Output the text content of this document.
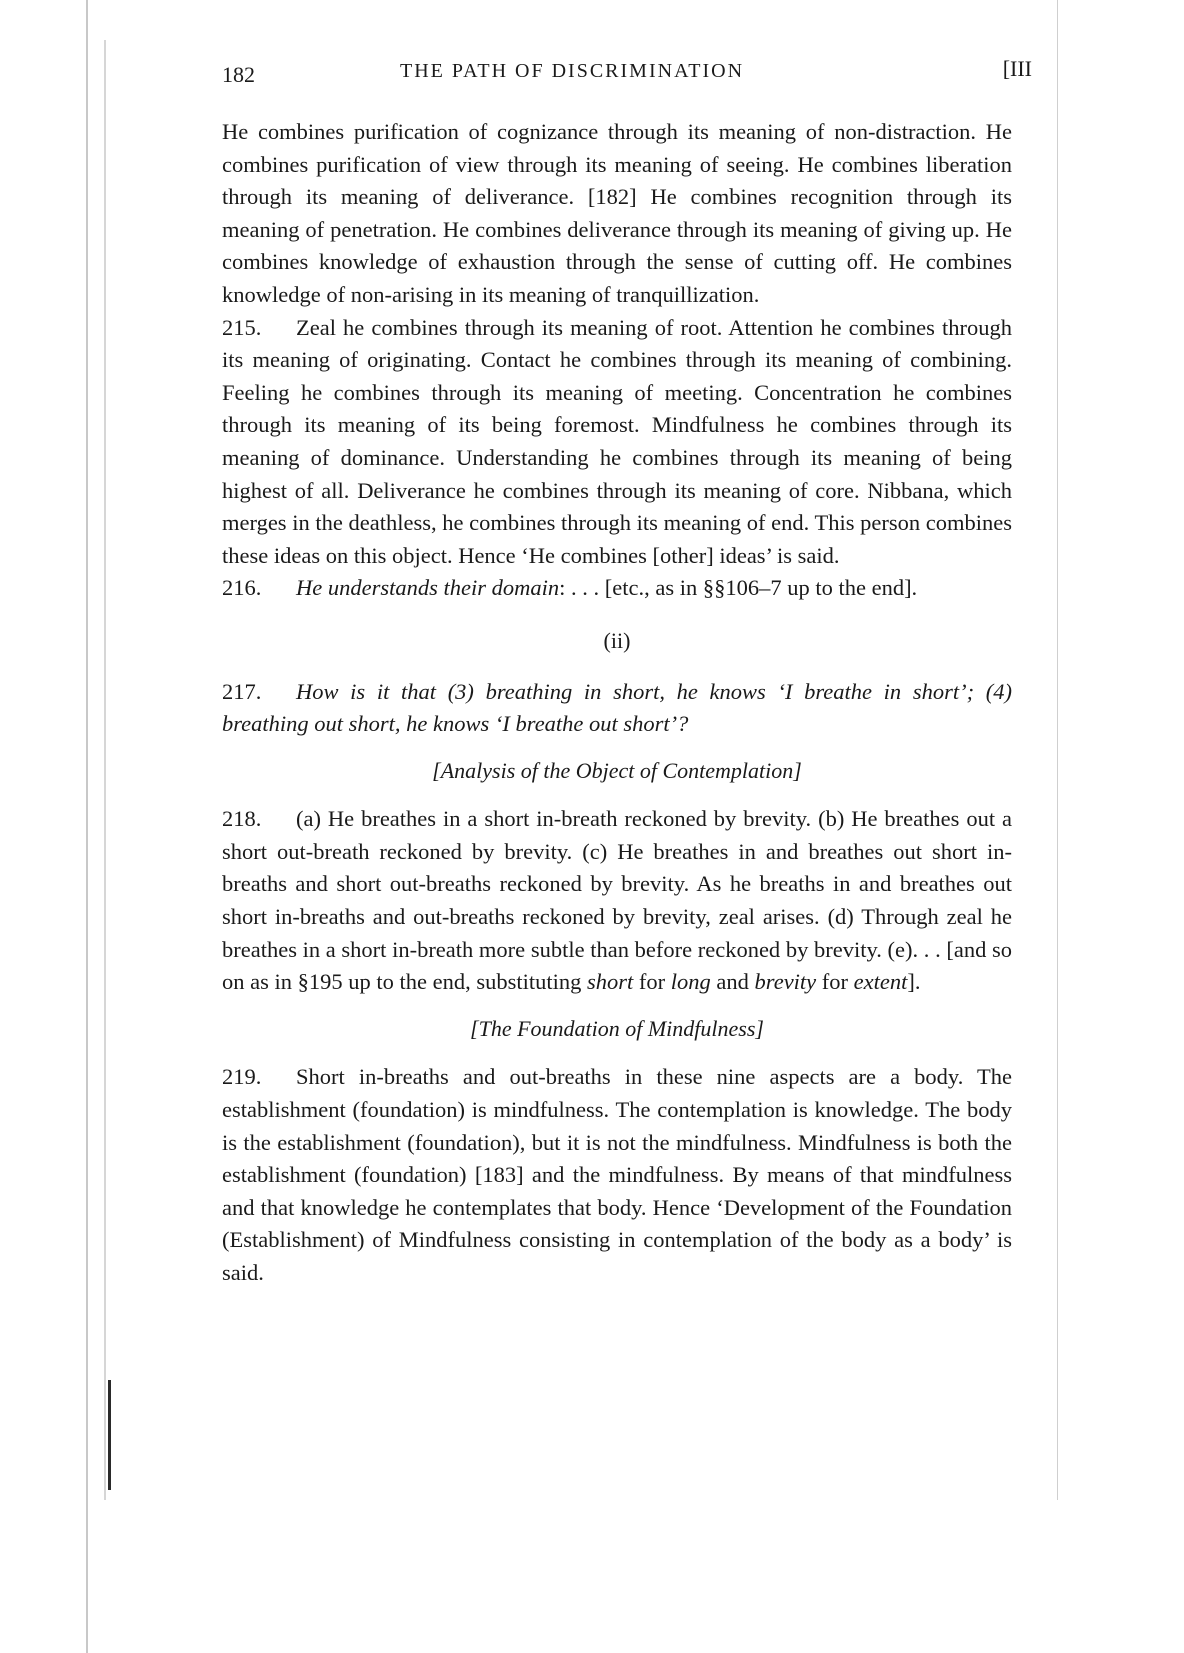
182	THE PATH OF DISCRIMINATION	[III

He combines purification of cognizance through its meaning of non-distraction. He combines purification of view through its meaning of seeing. He combines liberation through its meaning of deliverance. [182] He combines recognition through its meaning of penetration. He combines deliverance through its meaning of giving up. He combines knowledge of exhaustion through the sense of cutting off. He combines knowledge of non-arising in its meaning of tranquillization.

215. Zeal he combines through its meaning of root. Attention he combines through its meaning of originating. Contact he combines through its meaning of combining. Feeling he combines through its meaning of meeting. Concentration he combines through its meaning of its being foremost. Mindfulness he combines through its meaning of dominance. Understanding he combines through its meaning of being highest of all. Deliverance he combines through its meaning of core. Nibbana, which merges in the deathless, he combines through its meaning of end. This person combines these ideas on this object. Hence ‘He combines [other] ideas’ is said.

216. He understands their domain: . . . [etc., as in §§106–7 up to the end].

(ii)

217. How is it that (3) breathing in short, he knows ‘I breathe in short’; (4) breathing out short, he knows ‘I breathe out short’?

[Analysis of the Object of Contemplation]

218. (a) He breathes in a short in-breath reckoned by brevity. (b) He breathes out a short out-breath reckoned by brevity. (c) He breathes in and breathes out short in-breaths and short out-breaths reckoned by brevity. As he breaths in and breathes out short in-breaths and out-breaths reckoned by brevity, zeal arises. (d) Through zeal he breathes in a short in-breath more subtle than before reckoned by brevity. (e). . . [and so on as in §195 up to the end, substituting short for long and brevity for extent].

[The Foundation of Mindfulness]

219. Short in-breaths and out-breaths in these nine aspects are a body. The establishment (foundation) is mindfulness. The contemplation is knowledge. The body is the establishment (foundation), but it is not the mindfulness. Mindfulness is both the establishment (foundation) [183] and the mindfulness. By means of that mindfulness and that knowledge he contemplates that body. Hence ‘Development of the Foundation (Establishment) of Mindfulness consisting in contemplation of the body as a body’ is said.
